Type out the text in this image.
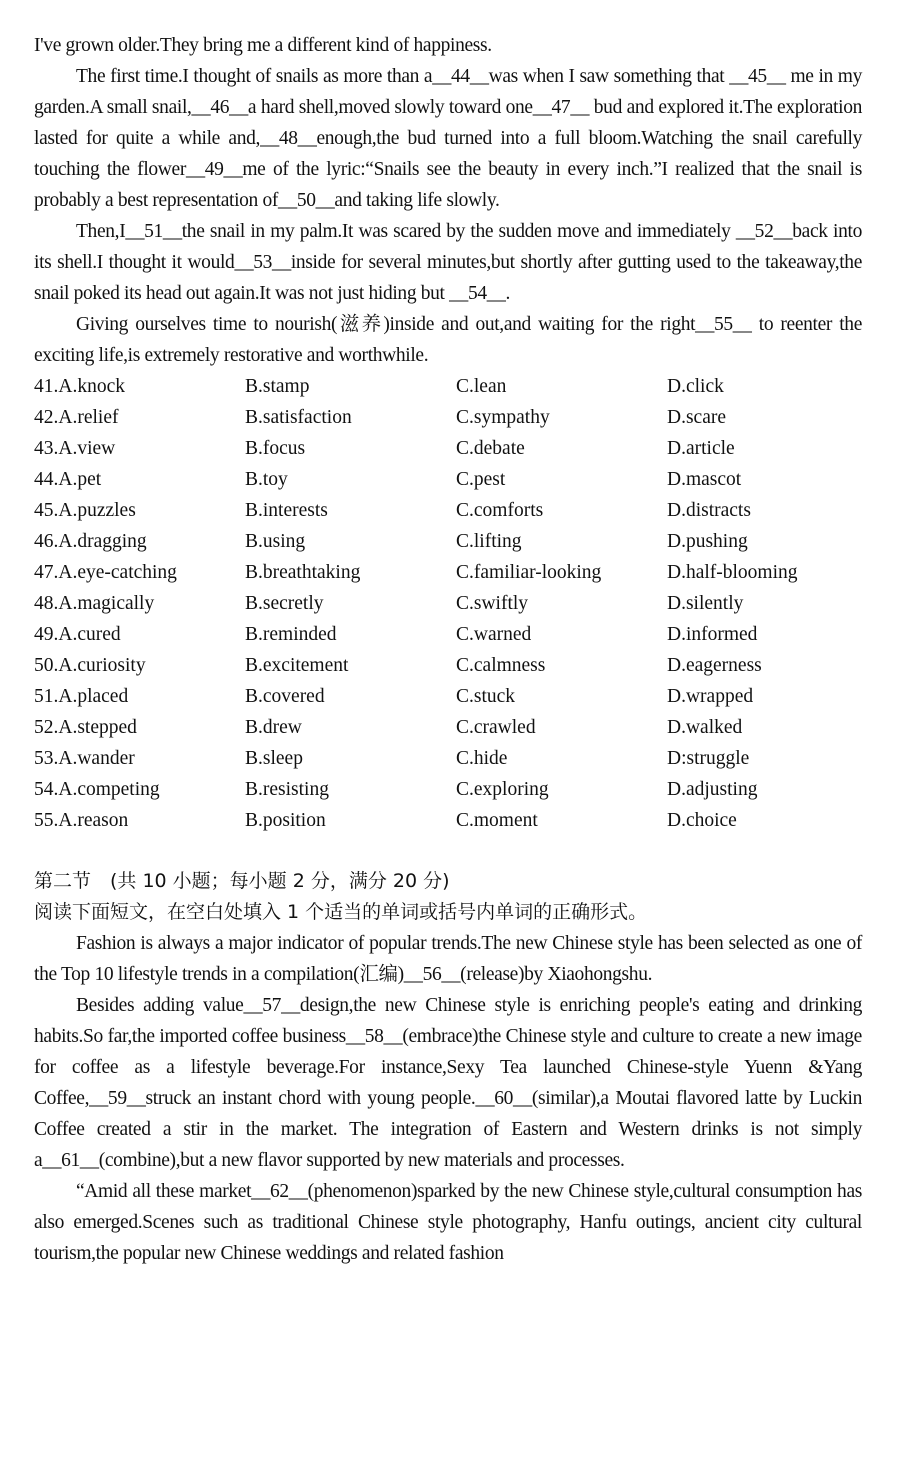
I've grown older.They bring me a different kind of happiness.

The first time.I thought of snails as more than a__44__was when I saw something that __45__ me in my garden.A small snail,__46__a hard shell,moved slowly toward one__47__ bud and explored it.The exploration lasted for quite a while and,__48__enough,the bud turned into a full bloom.Watching the snail carefully touching the flower__49__me of the lyric:“Snails see the beauty in every inch.”I realized that the snail is probably a best representation of__50__and taking life slowly.

Then,I__51__the snail in my palm.It was scared by the sudden move and immediately __52__back into its shell.I thought it would__53__inside for several minutes,but shortly after gutting used to the takeaway,the snail poked its head out again.It was not just hiding but __54__.

Giving ourselves time to nourish(滋养)inside and out,and waiting for the right__55__ to reenter the exciting life,is extremely restorative and worthwhile.

41.A.knock	B.stamp	C.lean	D.click
42.A.relief	B.satisfaction	C.sympathy	D.scare
43.A.view	B.focus	C.debate	D.article
44.A.pet	B.toy	C.pest	D.mascot
45.A.puzzles	B.interests	C.comforts	D.distracts
46.A.dragging	B.using	C.lifting	D.pushing
47.A.eye-catching	B.breathtaking	C.familiar-looking	D.half-blooming
48.A.magically	B.secretly	C.swiftly	D.silently
49.A.cured	B.reminded	C.warned	D.informed
50.A.curiosity	B.excitement	C.calmness	D.eagerness
51.A.placed	B.covered	C.stuck	D.wrapped
52.A.stepped	B.drew	C.crawled	D.walked
53.A.wander	B.sleep	C.hide	D:struggle
54.A.competing	B.resisting	C.exploring	D.adjusting
55.A.reason	B.position	C.moment	D.choice

第二节　(共 10 小题；每小题 2 分，满分 20 分)

阅读下面短文，在空白处填入 1 个适当的单词或括号内单词的正确形式。

Fashion is always a major indicator of popular trends.The new Chinese style has been selected as one of the Top 10 lifestyle trends in a compilation(汇编)__56__(release)by Xiaohongshu.

Besides adding value__57__design,the new Chinese style is enriching people's eating and drinking habits.So far,the imported coffee business__58__(embrace)the Chinese style and culture to create a new image for coffee as a lifestyle beverage.For instance,Sexy Tea launched Chinese-style Yuenn &Yang Coffee,__59__struck an instant chord with young people.__60__(similar),a Moutai flavored latte by Luckin Coffee created a stir in the market. The integration of Eastern and Western drinks is not simply a__61__(combine),but a new flavor supported by new materials and processes.

“Amid all these market__62__(phenomenon)sparked by the new Chinese style,cultural consumption has also emerged.Scenes such as traditional Chinese style photography, Hanfu outings, ancient city cultural tourism,the popular new Chinese weddings and related fashion
